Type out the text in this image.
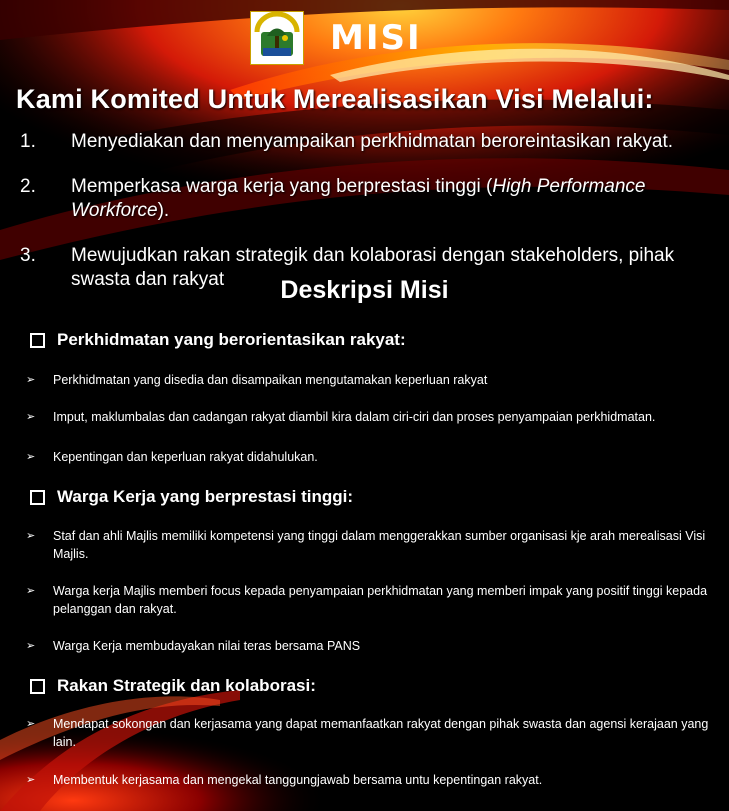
MISI
Kami Komited Untuk Merealisasikan Visi Melalui:
1.	Menyediakan dan menyampaikan perkhidmatan beroreintasikan rakyat.
2.	Memperkasa warga kerja yang berprestasi tinggi (High Performance Workforce).
3.	Mewujudkan rakan strategik dan kolaborasi dengan stakeholders, pihak swasta dan rakyat	Deskripsi Misi
Perkhidmatan yang berorientasikan rakyat:
➢	Perkhidmatan yang disedia dan disampaikan mengutamakan keperluan rakyat
➢	Imput, maklumbalas dan cadangan rakyat diambil kira dalam ciri-ciri dan proses penyampaian perkhidmatan.
➢	Kepentingan dan keperluan rakyat didahulukan.
Warga Kerja yang berprestasi tinggi:
➢	Staf dan ahli Majlis memiliki kompetensi yang tinggi dalam menggerakkan sumber organisasi kje arah merealisasi Visi Majlis.
➢	Warga kerja Majlis memberi focus kepada penyampaian perkhidmatan yang memberi impak yang positif tinggi kepada pelanggan dan rakyat.
➢	Warga Kerja membudayakan nilai teras bersama PANS
Rakan Strategik dan kolaborasi:
➢	Mendapat sokongan dan kerjasama yang dapat memanfaatkan rakyat dengan pihak swasta dan agensi kerajaan yang lain.
➢	Membentuk kerjasama dan mengekal tanggungjawab bersama untu kepentingan rakyat.
